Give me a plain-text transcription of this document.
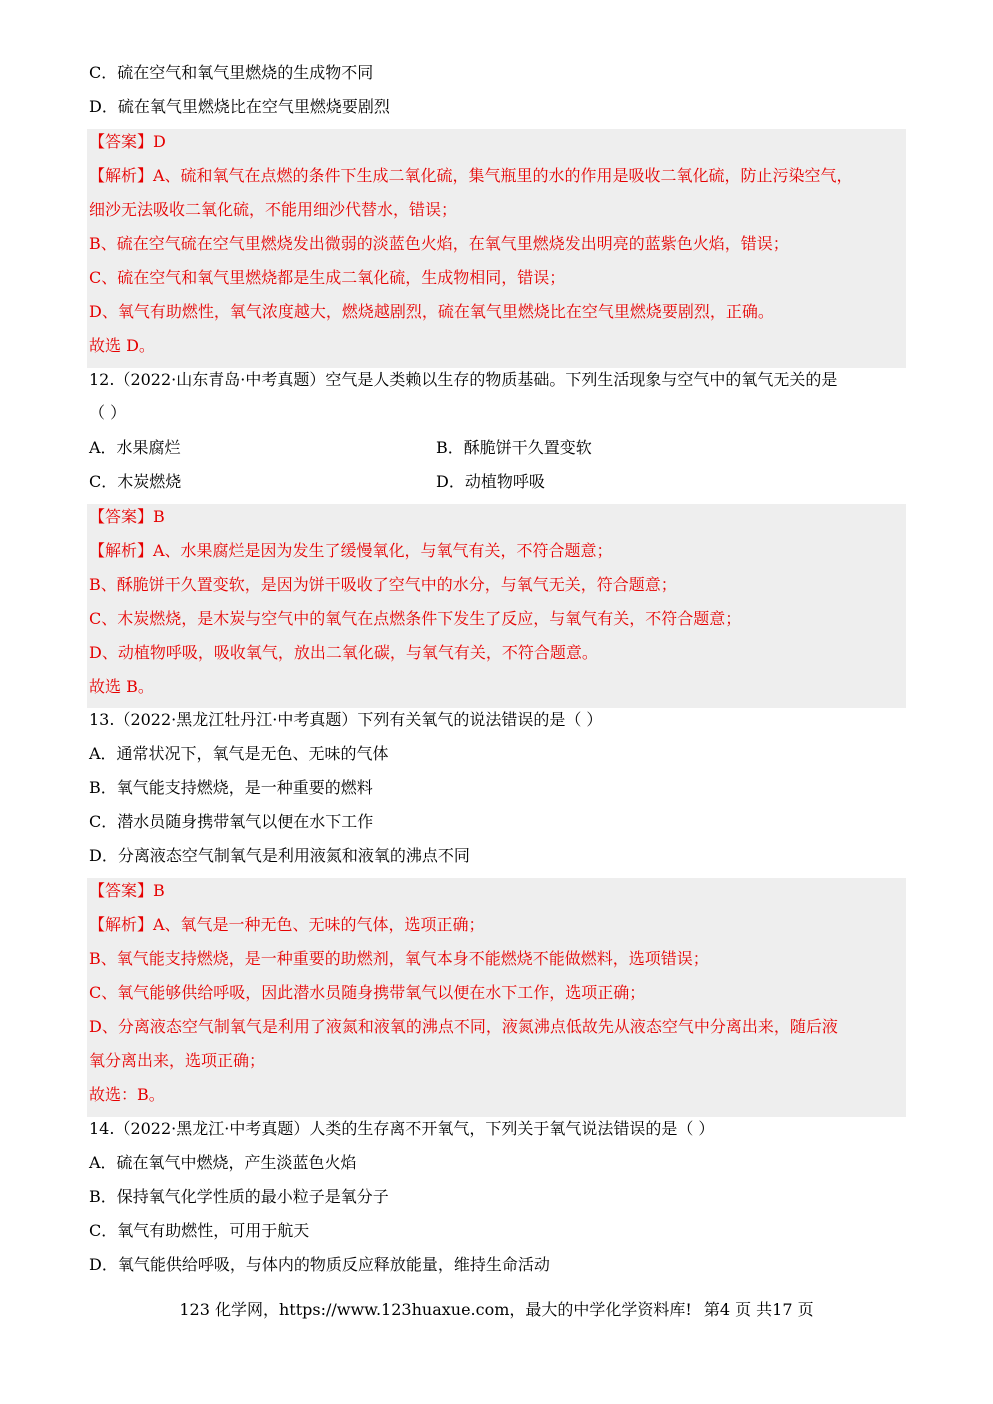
C．硫在空气和氧气里燃烧的生成物不同
D．硫在氧气里燃烧比在空气里燃烧要剧烈
【答案】D
【解析】A、硫和氧气在点燃的条件下生成二氧化硫，集气瓶里的水的作用是吸收二氧化硫，防止污染空气，
细沙无法吸收二氧化硫，不能用细沙代替水，错误；
B、硫在空气硫在空气里燃烧发出微弱的淡蓝色火焰，在氧气里燃烧发出明亮的蓝紫色火焰，错误；
C、硫在空气和氧气里燃烧都是生成二氧化硫，生成物相同，错误；
D、氧气有助燃性，氧气浓度越大，燃烧越剧烈，硫在氧气里燃烧比在空气里燃烧要剧烈，正确。
故选 D。
12.（2022·山东青岛·中考真题）空气是人类赖以生存的物质基础。下列生活现象与空气中的氧气无关的是
（ ）
A．水果腐烂	B．酥脆饼干久置变软
C．木炭燃烧	D．动植物呼吸
【答案】B
【解析】A、水果腐烂是因为发生了缓慢氧化，与氧气有关，不符合题意；
B、酥脆饼干久置变软，是因为饼干吸收了空气中的水分，与氧气无关，符合题意；
C、木炭燃烧，是木炭与空气中的氧气在点燃条件下发生了反应，与氧气有关，不符合题意；
D、动植物呼吸，吸收氧气，放出二氧化碳，与氧气有关，不符合题意。
故选 B。
13.（2022·黑龙江牡丹江·中考真题）下列有关氧气的说法错误的是（ ）
A．通常状况下，氧气是无色、无味的气体
B．氧气能支持燃烧，是一种重要的燃料
C．潜水员随身携带氧气以便在水下工作
D．分离液态空气制氧气是利用液氮和液氧的沸点不同
【答案】B
【解析】A、氧气是一种无色、无味的气体，选项正确；
B、氧气能支持燃烧，是一种重要的助燃剂，氧气本身不能燃烧不能做燃料，选项错误；
C、氧气能够供给呼吸，因此潜水员随身携带氧气以便在水下工作，选项正确；
D、分离液态空气制氧气是利用了液氮和液氧的沸点不同，液氮沸点低故先从液态空气中分离出来，随后液
氧分离出来，选项正确；
故选：B。
14.（2022·黑龙江·中考真题）人类的生存离不开氧气，下列关于氧气说法错误的是（ ）
A．硫在氧气中燃烧，产生淡蓝色火焰
B．保持氧气化学性质的最小粒子是氧分子
C．氧气有助燃性，可用于航天
D．氧气能供给呼吸，与体内的物质反应释放能量，维持生命活动
123 化学网，https://www.123huaxue.com，最大的中学化学资料库! 第4 页 共17 页
